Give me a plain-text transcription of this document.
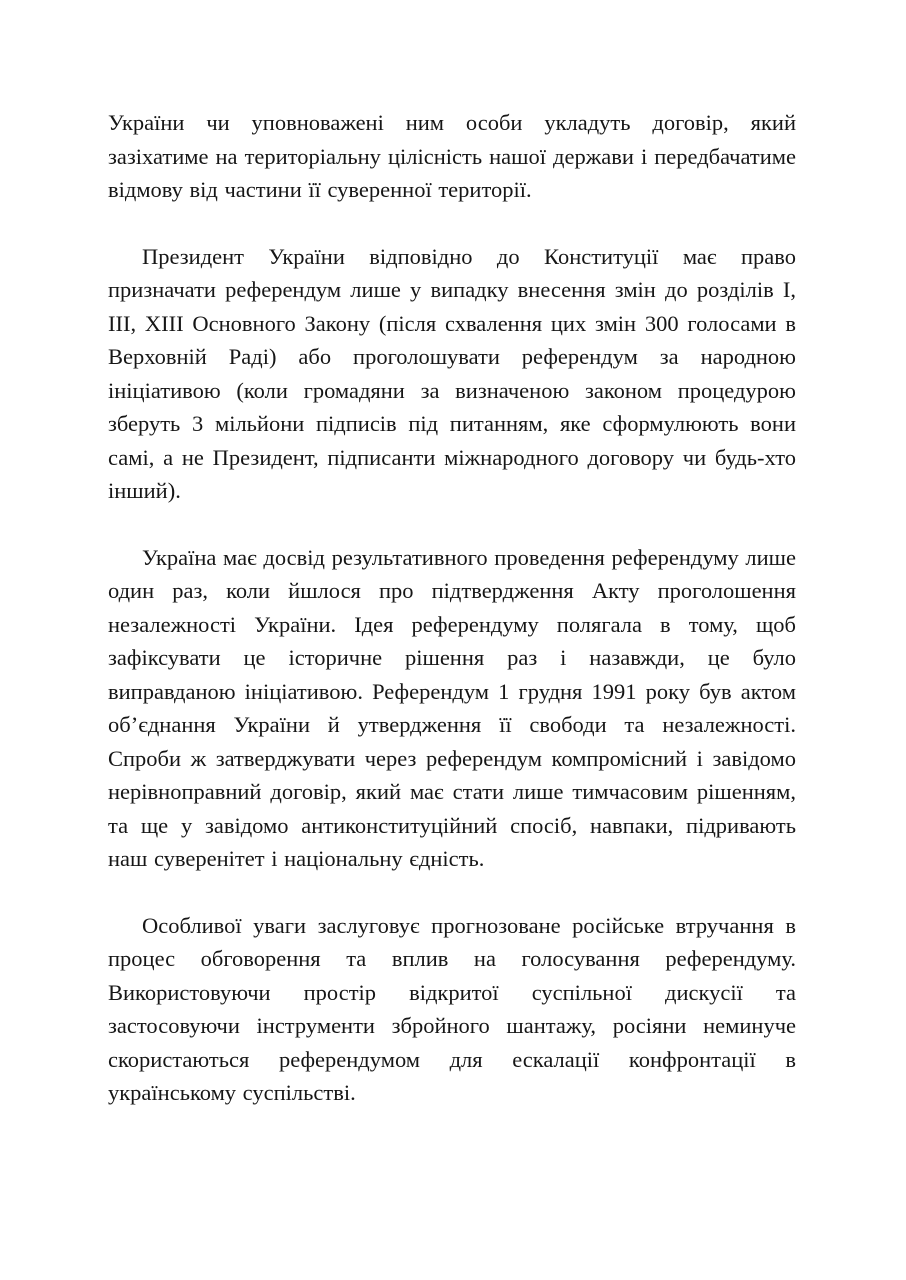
України чи уповноважені ним особи укладуть договір, який зазіхатиме на територіальну цілісність нашої держави і передбачатиме відмову від частини її суверенної території.

Президент України відповідно до Конституції має право призначати референдум лише у випадку внесення змін до розділів I, III, XIII Основного Закону (після схвалення цих змін 300 голосами в Верховній Раді) або проголошувати референдум за народною ініціативою (коли громадяни за визначеною законом процедурою зберуть 3 мільйони підписів під питанням, яке сформулюють вони самі, а не Президент, підписанти міжнародного договору чи будь-хто інший).

Україна має досвід результативного проведення референдуму лише один раз, коли йшлося про підтвердження Акту проголошення незалежності України. Ідея референдуму полягала в тому, щоб зафіксувати це історичне рішення раз і назавжди, це було виправданою ініціативою. Референдум 1 грудня 1991 року був актом об’єднання України й утвердження її свободи та незалежності. Спроби ж затверджувати через референдум компромісний і завідомо нерівноправний договір, який має стати лише тимчасовим рішенням, та ще у завідомо антиконституційний спосіб, навпаки, підривають наш суверенітет і національну єдність.

Особливої уваги заслуговує прогнозоване російське втручання в процес обговорення та вплив на голосування референдуму. Використовуючи простір відкритої суспільної дискусії та застосовуючи інструменти збройного шантажу, росіяни неминуче скористаються референдумом для ескалації конфронтації в українському суспільстві.
